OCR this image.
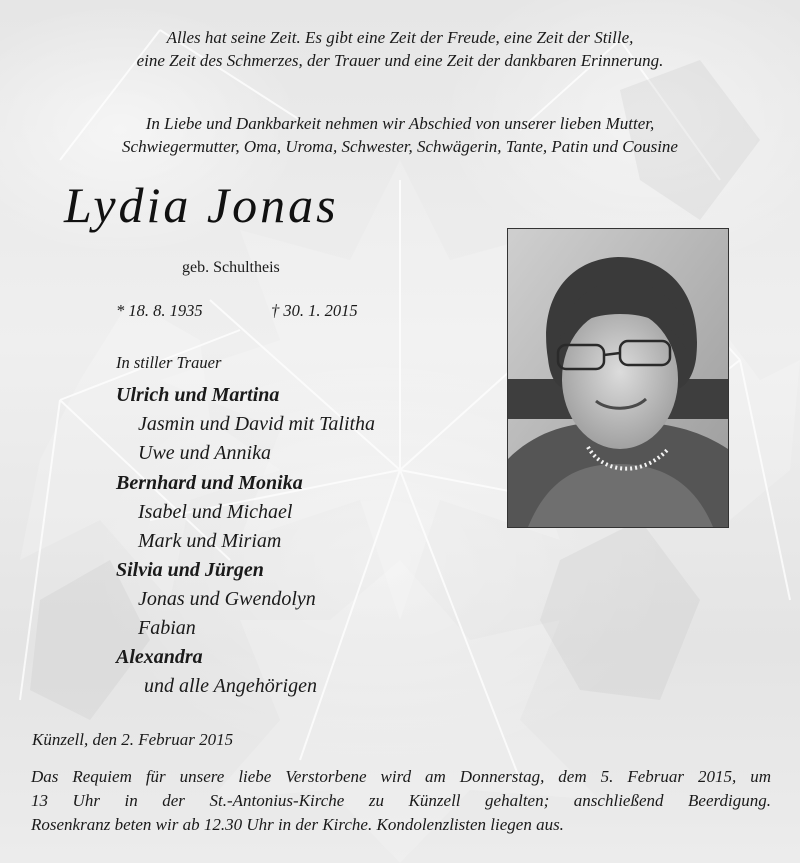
Alles hat seine Zeit. Es gibt eine Zeit der Freude, eine Zeit der Stille,
eine Zeit des Schmerzes, der Trauer und eine Zeit der dankbaren Erinnerung.
In Liebe und Dankbarkeit nehmen wir Abschied von unserer lieben Mutter,
Schwiegermutter, Oma, Uroma, Schwester, Schwägerin, Tante, Patin und Cousine
Lydia Jonas
geb. Schultheis
* 18. 8. 1935	† 30. 1. 2015
In stiller Trauer
Ulrich und Martina
Jasmin und David mit Talitha
Uwe und Annika
Bernhard und Monika
Isabel und Michael
Mark und Miriam
Silvia und Jürgen
Jonas und Gwendolyn
Fabian
Alexandra
und alle Angehörigen
Künzell, den 2. Februar 2015
Das Requiem für unsere liebe Verstorbene wird am Donnerstag, dem 5. Februar 2015, um
13 Uhr in der St.-Antonius-Kirche zu Künzell gehalten; anschließend Beerdigung.
Rosenkranz beten wir ab 12.30 Uhr in der Kirche. Kondolenzlisten liegen aus.
